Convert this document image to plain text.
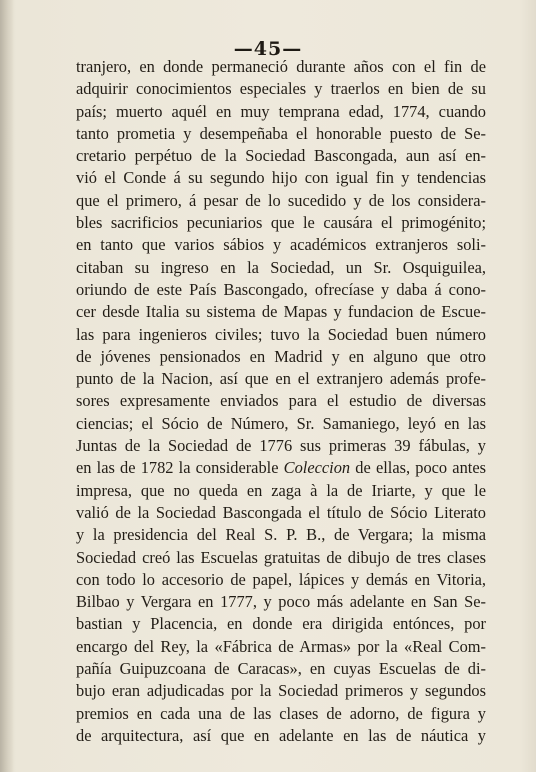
—45—
tranjero, en donde permaneció durante años con el fin de
adquirir conocimientos especiales y traerlos en bien de su
país; muerto aquél en muy temprana edad, 1774, cuando
tanto prometia y desempeñaba el honorable puesto de Se-
cretario perpétuo de la Sociedad Bascongada, aun así en-
vió el Conde á su segundo hijo con igual fin y tendencias
que el primero, á pesar de lo sucedido y de los considera-
bles sacrificios pecuniarios que le causára el primogénito;
en tanto que varios sábios y académicos extranjeros soli-
citaban su ingreso en la Sociedad, un Sr. Osquiguilea,
oriundo de este País Bascongado, ofrecíase y daba á cono-
cer desde Italia su sistema de Mapas y fundacion de Escue-
las para ingenieros civiles; tuvo la Sociedad buen número
de jóvenes pensionados en Madrid y en alguno que otro
punto de la Nacion, así que en el extranjero además profe-
sores expresamente enviados para el estudio de diversas
ciencias; el Sócio de Número, Sr. Samaniego, leyó en las
Juntas de la Sociedad de 1776 sus primeras 39 fábulas, y
en las de 1782 la considerable Coleccion de ellas, poco antes
impresa, que no queda en zaga à la de Iriarte, y que le
valió de la Sociedad Bascongada el título de Sócio Literato
y la presidencia del Real S. P. B., de Vergara; la misma
Sociedad creó las Escuelas gratuitas de dibujo de tres clases
con todo lo accesorio de papel, lápices y demás en Vitoria,
Bilbao y Vergara en 1777, y poco más adelante en San Se-
bastian y Placencia, en donde era dirigida entónces, por
encargo del Rey, la «Fábrica de Armas» por la «Real Com-
pañía Guipuzcoana de Caracas», en cuyas Escuelas de di-
bujo eran adjudicadas por la Sociedad primeros y segundos
premios en cada una de las clases de adorno, de figura y
de arquitectura, así que en adelante en las de náutica y
